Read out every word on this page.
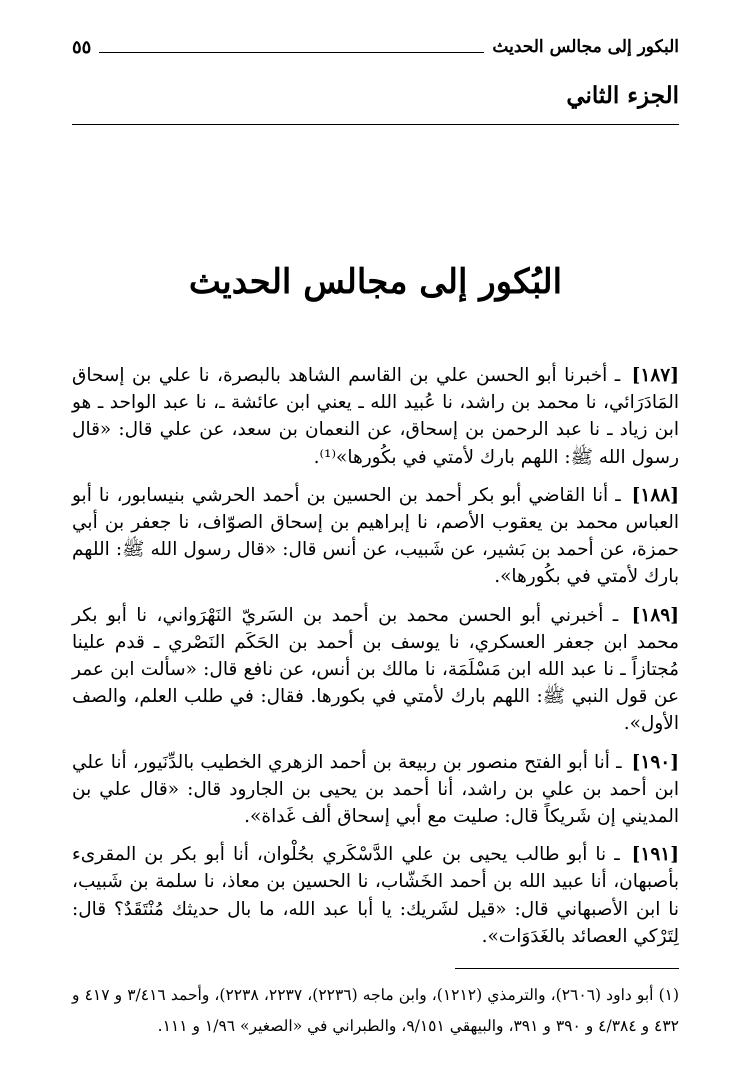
البكور إلى مجالس الحديث
٥٥
الجزء الثاني
البُكور إلى مجالس الحديث

[١٨٧] ـ أخبرنا أبو الحسن علي بن القاسم الشاهد بالبصرة، نا علي بن إسحاق المَادَرَائي، نا محمد بن راشد، نا عُبيد الله ـ يعني ابن عائشة ـ، نا عبد الواحد ـ هو ابن زياد ـ نا عبد الرحمن بن إسحاق، عن النعمان بن سعد، عن علي قال: «قال رسول الله ﷺ: اللهم بارك لأمتي في بكُورها»⁽¹⁾.

[١٨٨] ـ أنا القاضي أبو بكر أحمد بن الحسين بن أحمد الحرشي بنيسابور، نا أبو العباس محمد بن يعقوب الأصم، نا إبراهيم بن إسحاق الصوّاف، نا جعفر بن أبي حمزة، عن أحمد بن بَشير، عن شَبيب، عن أنس قال: «قال رسول الله ﷺ: اللهم بارك لأمتي في بكُورها».

[١٨٩] ـ أخبرني أبو الحسن محمد بن أحمد بن السَريّ النَهْرَواني، نا أبو بكر محمد ابن جعفر العسكري، نا يوسف بن أحمد بن الحَكَم النَصْري ـ قدم علينا مُجتازاً ـ نا عبد الله ابن مَسْلَمَة، نا مالك بن أنس، عن نافع قال: «سألت ابن عمر عن قول النبي ﷺ: اللهم بارك لأمتي في بكورها. فقال: في طلب العلم، والصف الأول».

[١٩٠] ـ أنا أبو الفتح منصور بن ربيعة بن أحمد الزهري الخطيب بالدِّنَيور، أنا علي ابن أحمد بن علي بن راشد، أنا أحمد بن يحيى بن الجارود قال: «قال علي بن المديني إن شَريكاً قال: صليت مع أبي إسحاق ألف غَداة».

[١٩١] ـ نا أبو طالب يحيى بن علي الدَّسْكَري بحُلْوان، أنا أبو بكر بن المقرىء بأصبهان، أنا عبيد الله بن أحمد الخَشّاب، نا الحسين بن معاذ، نا سلمة بن شَبيب، نا ابن الأصبهاني قال: «قيل لشَريك: يا أبا عبد الله، ما بال حديثك مُنْتَقَدٌ؟ قال: لِتَرْكي العصائد بالغَدَوَات».

(١) أبو داود (٢٦٠٦)، والترمذي (١٢١٢)، وابن ماجه (٢٢٣٦)، ٢٢٣٧، ٢٢٣٨)، وأحمد ٣/٤١٦ و ٤١٧ و ٤٣٢ و ٤/٣٨٤ و ٣٩٠ و ٣٩١، والبيهقي ٩/١٥١، والطبراني في «الصغير» ١/٩٦ و ١١١.
